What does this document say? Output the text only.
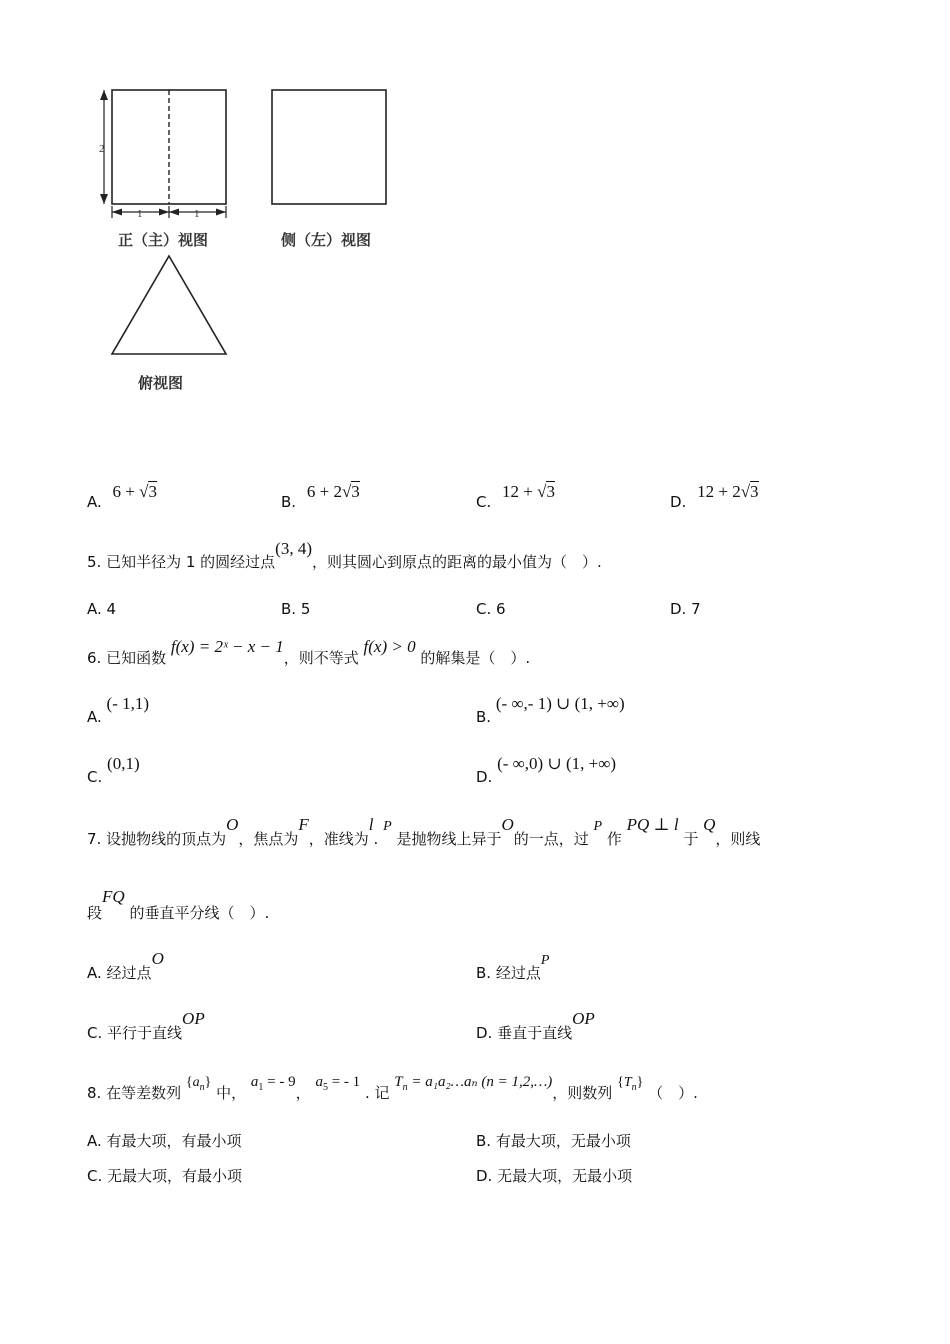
2
1	1
正（主）视图	侧（左）视图
俯视图
A. 6 + √3
B. 6 + 2√3
C. 12 + √3
D. 12 + 2√3
5. 已知半径为 1 的圆经过点(3, 4)，则其圆心到原点的距离的最小值为（　）.
A. 4	B. 5	C. 6	D. 7
6. 已知函数 f(x) = 2ˣ − x − 1，则不等式 f(x) > 0 的解集是（　）.
A. (- 1,1)
B. (- ∞,- 1) ∪ (1, +∞)
C. (0,1)
D. (- ∞,0) ∪ (1, +∞)
7. 设抛物线的顶点为O，焦点为F，准线为l. P 是抛物线上异于O的一点，过 P 作 PQ ⊥ l 于 Q，则线
段FQ 的垂直平分线（　）.
A. 经过点O
B. 经过点P
C. 平行于直线OP
D. 垂直于直线OP
8. 在等差数列 $\{a_n\}$ 中， $a_1$ = - 9， $a_5$ = - 1 . 记 $T_n$ = a₁a₂…aₙ (n = 1,2,…)，则数列 $\{T_n\}$ （　）.
A. 有最大项，有最小项	B. 有最大项，无最小项
C. 无最大项，有最小项	D. 无最大项，无最小项
